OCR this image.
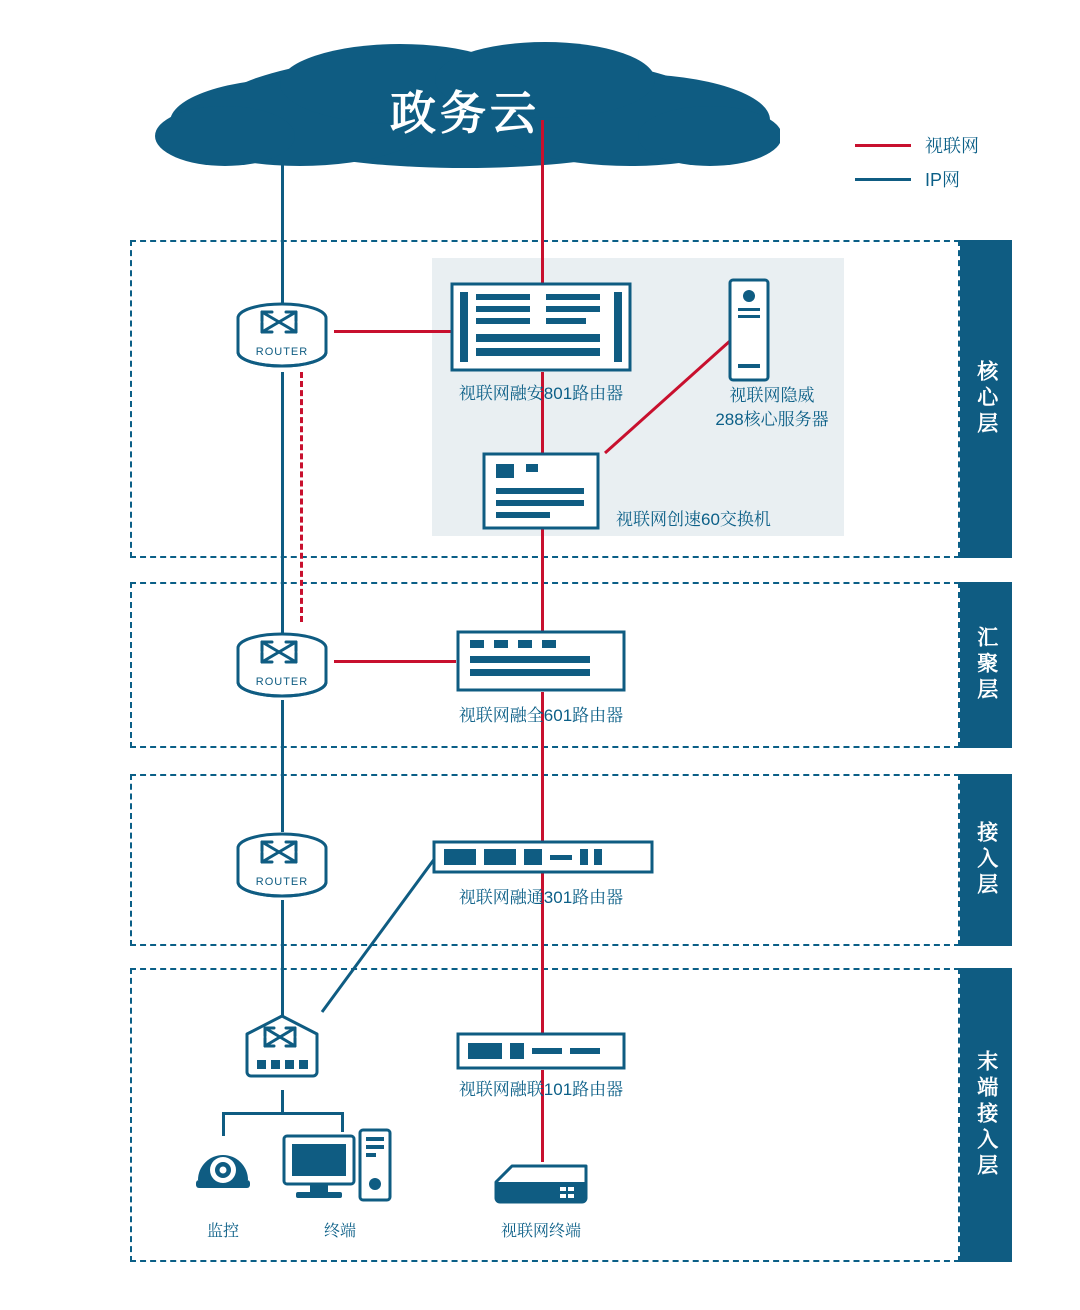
政务云
视联网
IP网
核心层
汇聚层
接入层
末端接入层
ROUTER
ROUTER
ROUTER
视联网融安801路由器	视联网隐威
288核心服务器
视联网创速60交换机
视联网融全601路由器
视联网融通301路由器
监控	终端
视联网融联101路由器
视联网终端
